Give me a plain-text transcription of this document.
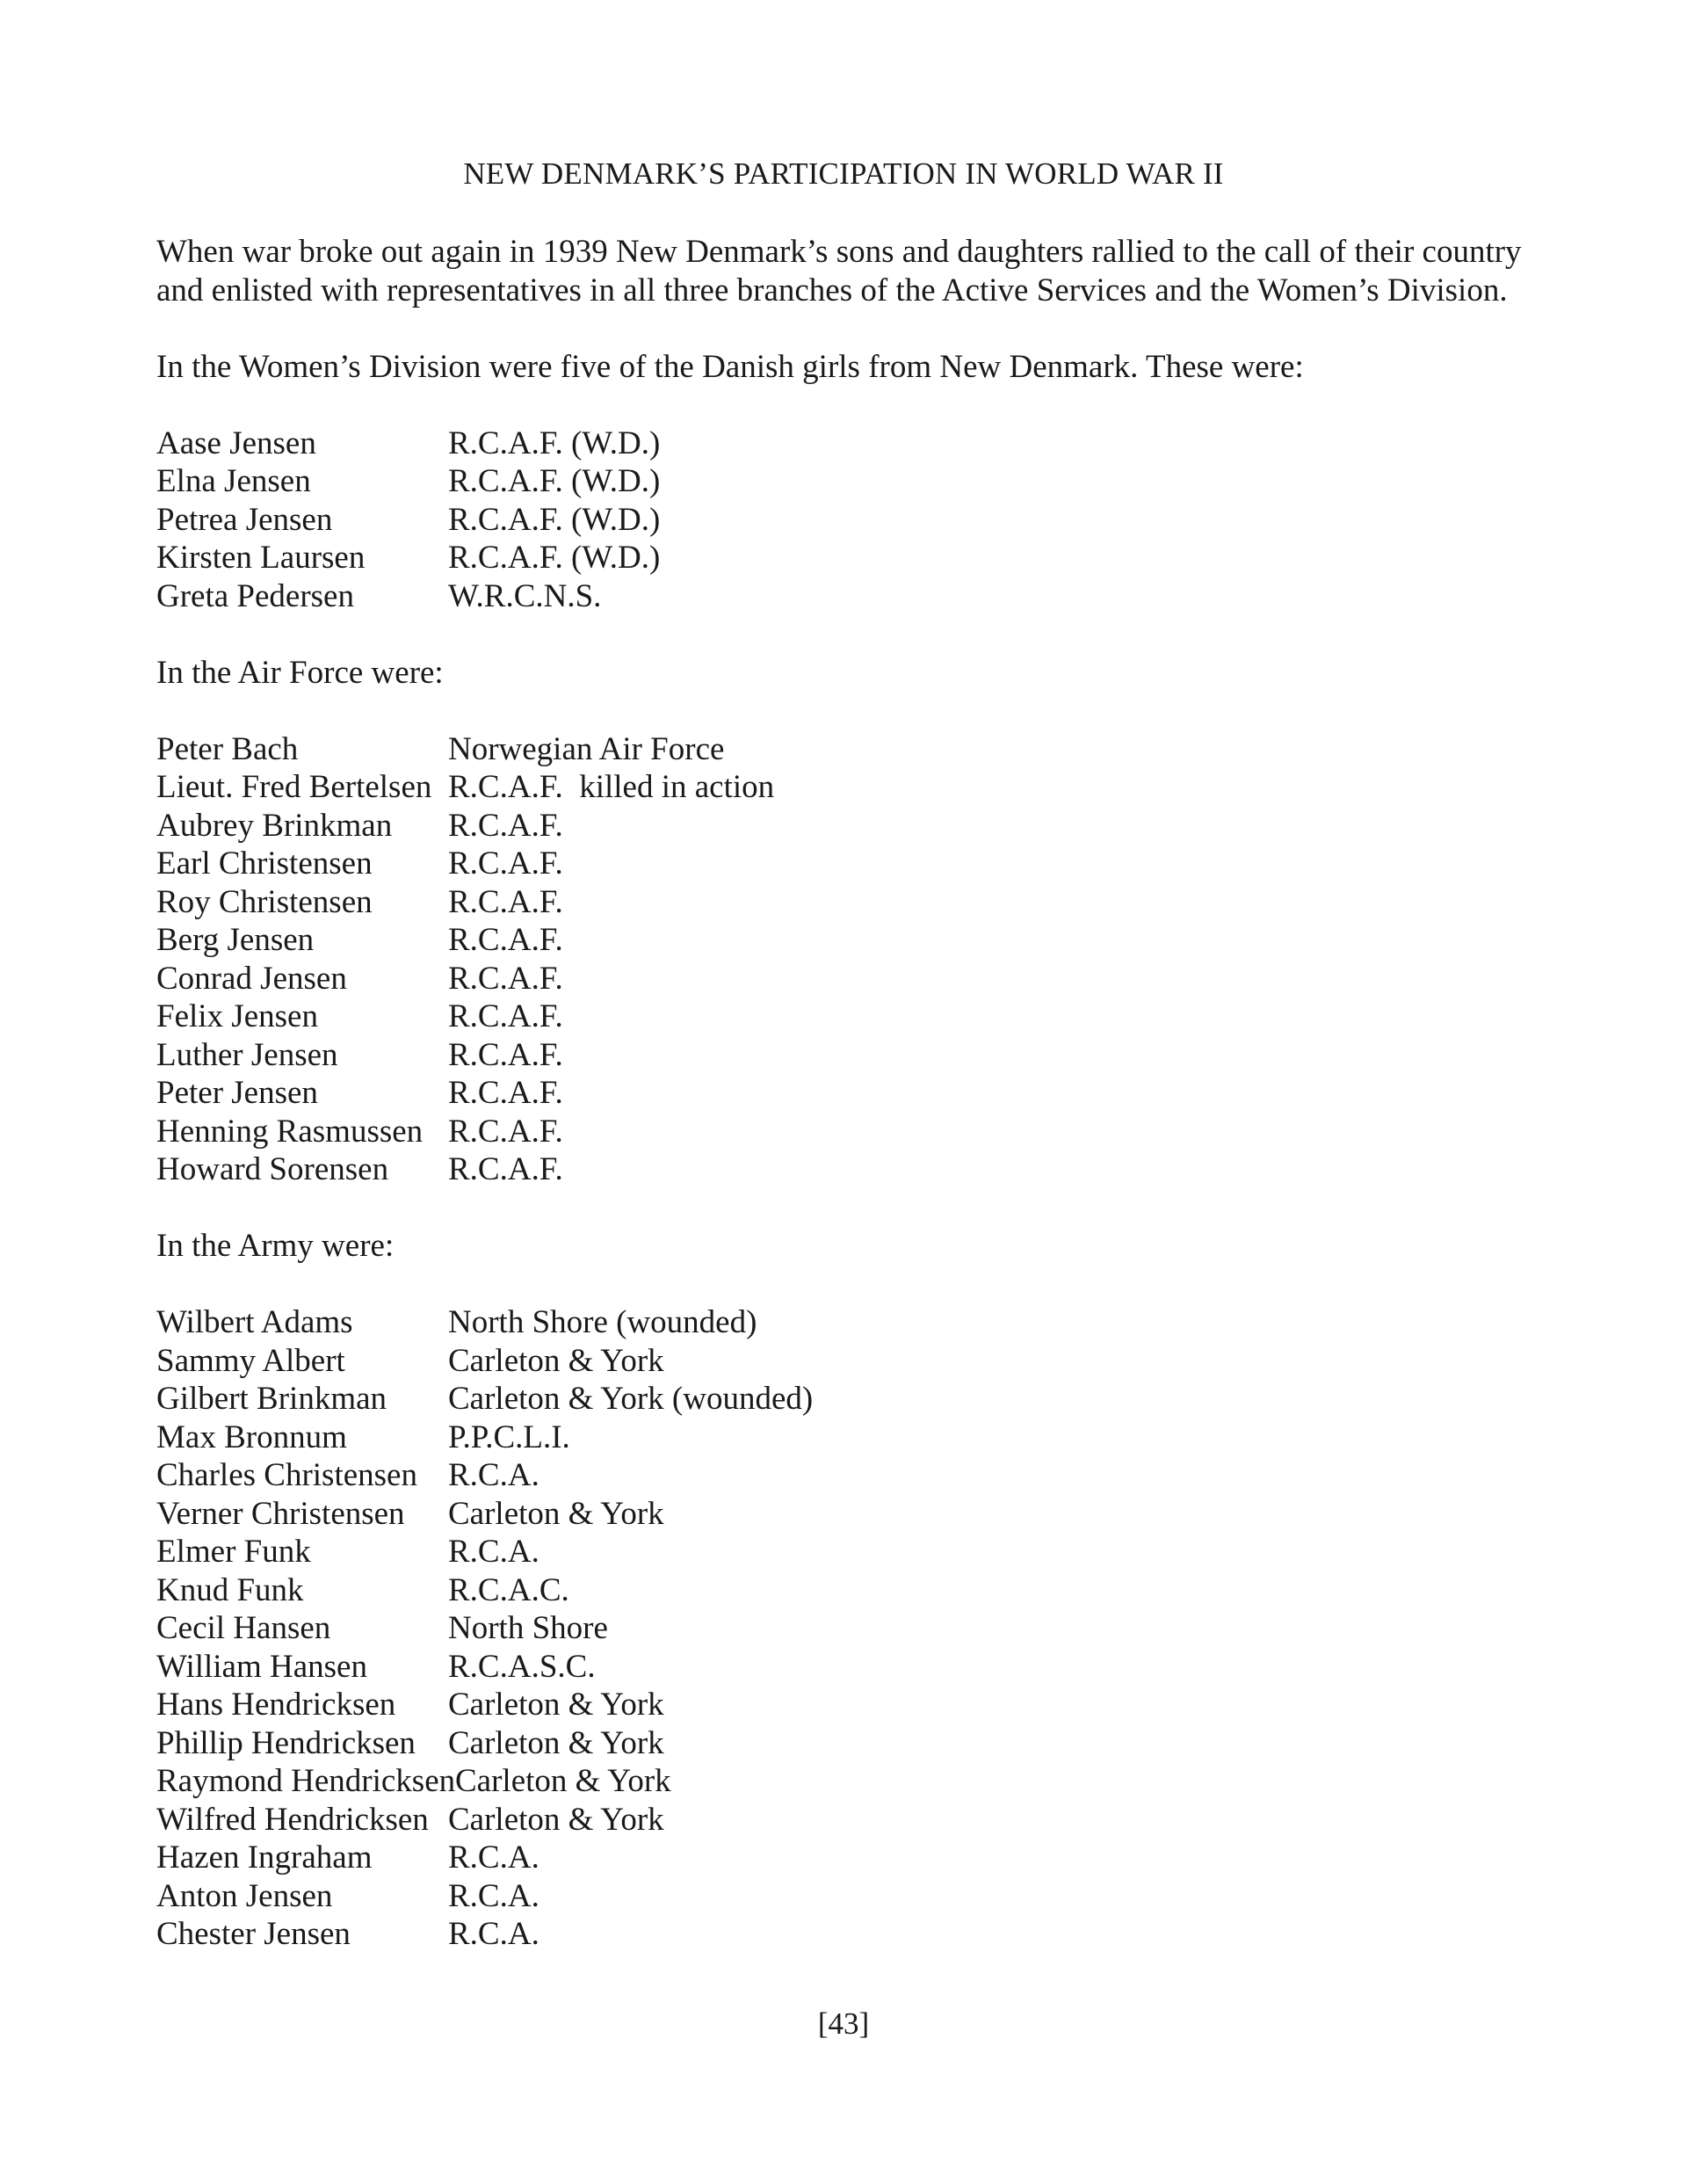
NEW DENMARK’S PARTICIPATION IN WORLD WAR II

When war broke out again in 1939 New Denmark’s sons and daughters rallied to the call of their country and enlisted with representatives in all three branches of the Active Services and the Women’s Division.

In the Women’s Division were five of the Danish girls from New Denmark. These were:

Aase Jensen	R.C.A.F. (W.D.)
Elna Jensen	R.C.A.F. (W.D.)
Petrea Jensen	R.C.A.F. (W.D.)
Kirsten Laursen	R.C.A.F. (W.D.)
Greta Pedersen	W.R.C.N.S.

In the Air Force were:

Peter Bach	Norwegian Air Force
Lieut. Fred Bertelsen R.C.A.F.  killed in action
Aubrey Brinkman	R.C.A.F.
Earl Christensen	R.C.A.F.
Roy Christensen	R.C.A.F.
Berg Jensen	R.C.A.F.
Conrad Jensen	R.C.A.F.
Felix Jensen	R.C.A.F.
Luther Jensen	R.C.A.F.
Peter Jensen	R.C.A.F.
Henning Rasmussen R.C.A.F.
Howard Sorensen	R.C.A.F.

In the Army were:

Wilbert Adams	North Shore (wounded)
Sammy Albert	Carleton & York
Gilbert Brinkman	Carleton & York (wounded)
Max Bronnum	P.P.C.L.I.
Charles Christensen R.C.A.
Verner Christensen	Carleton & York
Elmer Funk	R.C.A.
Knud Funk	R.C.A.C.
Cecil Hansen	North Shore
William Hansen	R.C.A.S.C.
Hans Hendricksen	Carleton & York
Phillip Hendricksen	Carleton & York
Raymond Hendricksen Carleton & York
Wilfred Hendricksen Carleton & York
Hazen Ingraham	R.C.A.
Anton Jensen	R.C.A.
Chester Jensen	R.C.A.
[43]
